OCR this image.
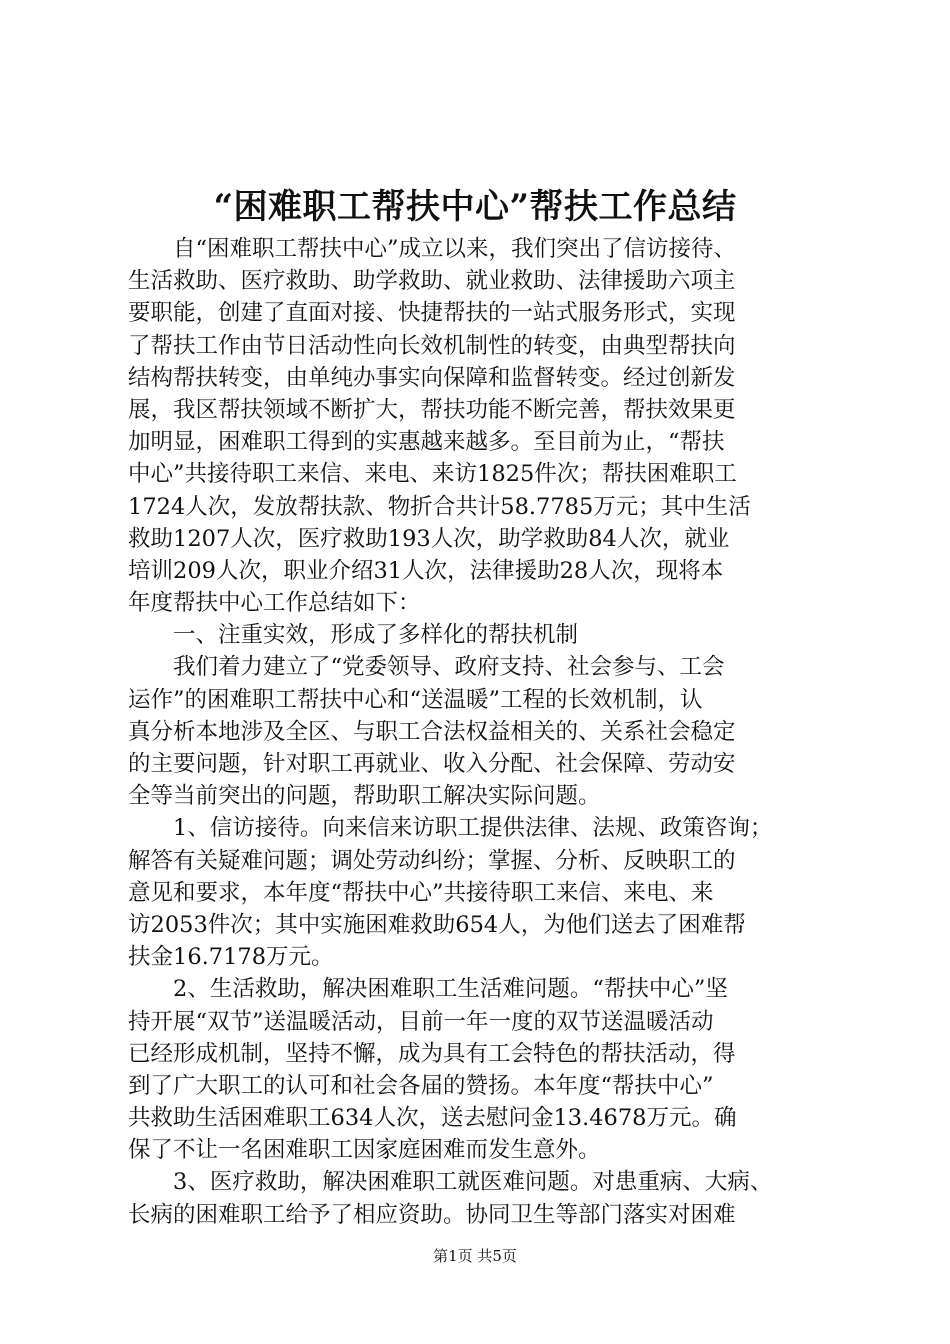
“困难职工帮扶中心”帮扶工作总结
　　自“困难职工帮扶中心”成立以来，我们突出了信访接待、
生活救助、医疗救助、助学救助、就业救助、法律援助六项主
要职能，创建了直面对接、快捷帮扶的一站式服务形式，实现
了帮扶工作由节日活动性向长效机制性的转变，由典型帮扶向
结构帮扶转变，由单纯办事实向保障和监督转变。经过创新发
展，我区帮扶领域不断扩大，帮扶功能不断完善，帮扶效果更
加明显，困难职工得到的实惠越来越多。至目前为止，“帮扶
中心”共接待职工来信、来电、来访1825件次；帮扶困难职工
1724人次，发放帮扶款、物折合共计58.7785万元；其中生活
救助1207人次，医疗救助193人次，助学救助84人次，就业
培训209人次，职业介绍31人次，法律援助28人次，现将本
年度帮扶中心工作总结如下：
　　一、注重实效，形成了多样化的帮扶机制
　　我们着力建立了“党委领导、政府支持、社会参与、工会
运作”的困难职工帮扶中心和“送温暖”工程的长效机制，认
真分析本地涉及全区、与职工合法权益相关的、关系社会稳定
的主要问题，针对职工再就业、收入分配、社会保障、劳动安
全等当前突出的问题，帮助职工解决实际问题。
　　1、信访接待。向来信来访职工提供法律、法规、政策咨询；
解答有关疑难问题；调处劳动纠纷；掌握、分析、反映职工的
意见和要求，本年度“帮扶中心”共接待职工来信、来电、来
访2053件次；其中实施困难救助654人，为他们送去了困难帮
扶金16.7178万元。
　　2、生活救助，解决困难职工生活难问题。“帮扶中心”坚
持开展“双节”送温暖活动，目前一年一度的双节送温暖活动
已经形成机制，坚持不懈，成为具有工会特色的帮扶活动，得
到了广大职工的认可和社会各届的赞扬。本年度“帮扶中心”
共救助生活困难职工634人次，送去慰问金13.4678万元。确
保了不让一名困难职工因家庭困难而发生意外。
　　3、医疗救助，解决困难职工就医难问题。对患重病、大病、
长病的困难职工给予了相应资助。协同卫生等部门落实对困难
第1页 共5页
